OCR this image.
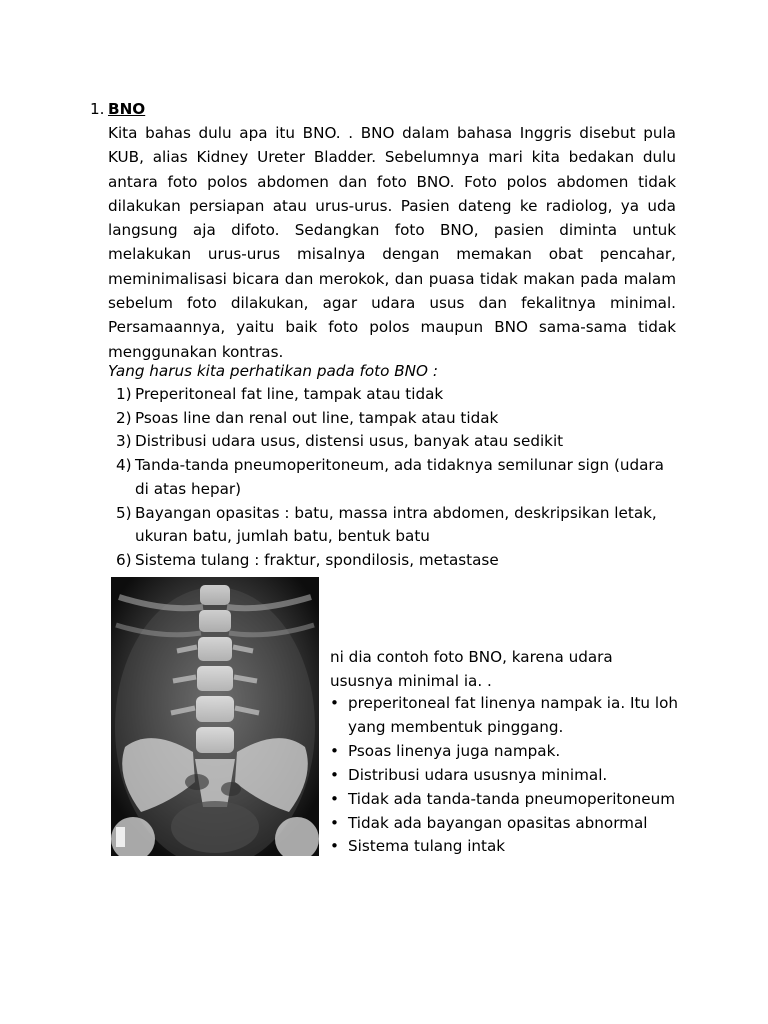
1. BNO

Kita bahas dulu apa itu BNO. . BNO dalam bahasa Inggris disebut pula KUB, alias Kidney Ureter Bladder. Sebelumnya mari kita bedakan dulu antara foto polos abdomen dan foto BNO. Foto polos abdomen tidak dilakukan persiapan atau urus-urus. Pasien dateng ke radiolog, ya uda langsung aja difoto. Sedangkan foto BNO, pasien diminta untuk melakukan urus-urus misalnya dengan memakan obat pencahar, meminimalisasi bicara dan merokok, dan puasa tidak makan pada malam sebelum foto dilakukan, agar udara usus dan fekalitnya minimal. Persamaannya, yaitu baik foto polos maupun BNO sama-sama tidak menggunakan kontras.

Yang harus kita perhatikan pada foto BNO :

1) Preperitoneal fat line, tampak atau tidak
2) Psoas line dan renal out line, tampak atau tidak
3) Distribusi udara usus, distensi usus, banyak atau sedikit
4) Tanda-tanda pneumoperitoneum, ada tidaknya semilunar sign (udara di atas hepar)
5) Bayangan opasitas : batu, massa intra abdomen, deskripsikan letak, ukuran batu, jumlah batu, bentuk batu
6) Sistema tulang : fraktur, spondilosis, metastase

ni dia contoh foto BNO, karena udara ususnya minimal ia. .

• preperitoneal fat linenya nampak ia. Itu loh yang membentuk pinggang.
• Psoas linenya juga nampak.
• Distribusi udara ususnya minimal.
• Tidak ada tanda-tanda pneumoperitoneum
• Tidak ada bayangan opasitas abnormal
• Sistema tulang intak
